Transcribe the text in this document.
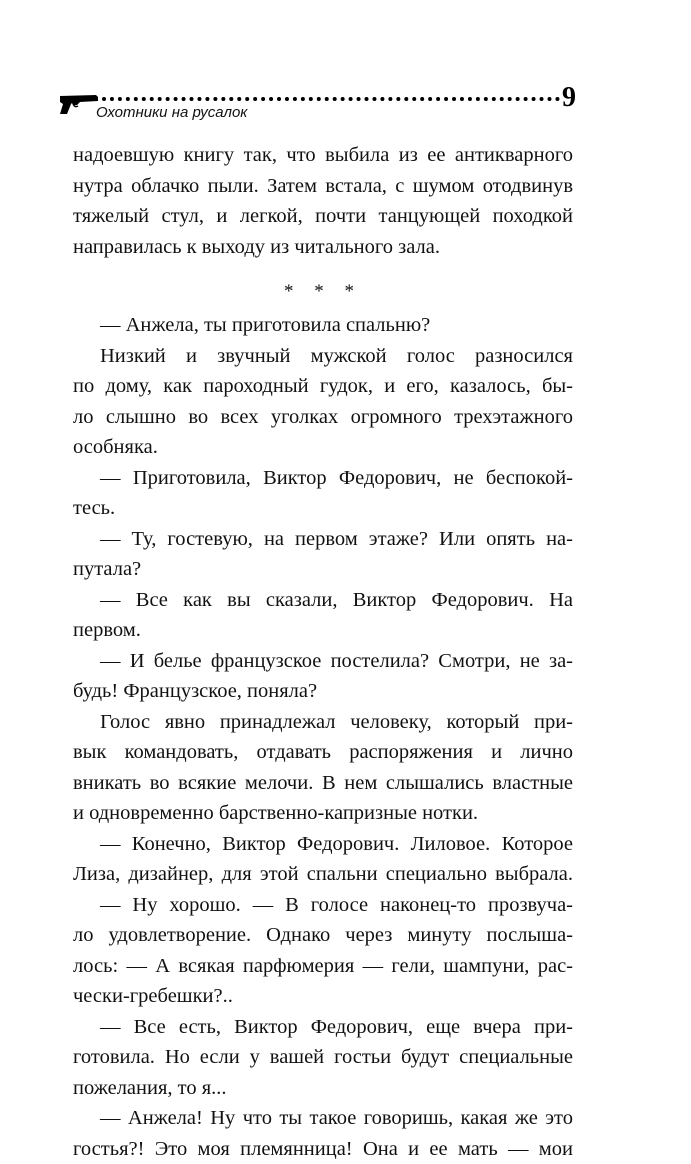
9
Охотники на русалок
надоевшую книгу так, что выбила из ее антикварного
нутра облачко пыли. Затем встала, с шумом отодвинув
тяжелый стул, и легкой, почти танцующей походкой
направилась к выходу из читального зала.
* * *
— Анжела, ты приготовила спальню?
Низкий и звучный мужской голос разносился
по дому, как пароходный гудок, и его, казалось, бы-
ло слышно во всех уголках огромного трехэтажного
особняка.
— Приготовила, Виктор Федорович, не беспокой-
тесь.
— Ту, гостевую, на первом этаже? Или опять на-
путала?
— Все как вы сказали, Виктор Федорович. На
первом.
— И белье французское постелила? Смотри, не за-
будь! Французское, поняла?
Голос явно принадлежал человеку, который при-
вык командовать, отдавать распоряжения и лично
вникать во всякие мелочи. В нем слышались властные
и одновременно барственно-капризные нотки.
— Конечно, Виктор Федорович. Лиловое. Которое
Лиза, дизайнер, для этой спальни специально выбрала.
— Ну хорошо. — В голосе наконец-то прозвуча-
ло удовлетворение. Однако через минуту послыша-
лось: — А всякая парфюмерия — гели, шампуни, рас-
чески-гребешки?..
— Все есть, Виктор Федорович, еще вчера при-
готовила. Но если у вашей гостьи будут специальные
пожелания, то я...
— Анжела! Ну что ты такое говоришь, какая же это
гостья?! Это моя племянница! Она и ее мать — мои
